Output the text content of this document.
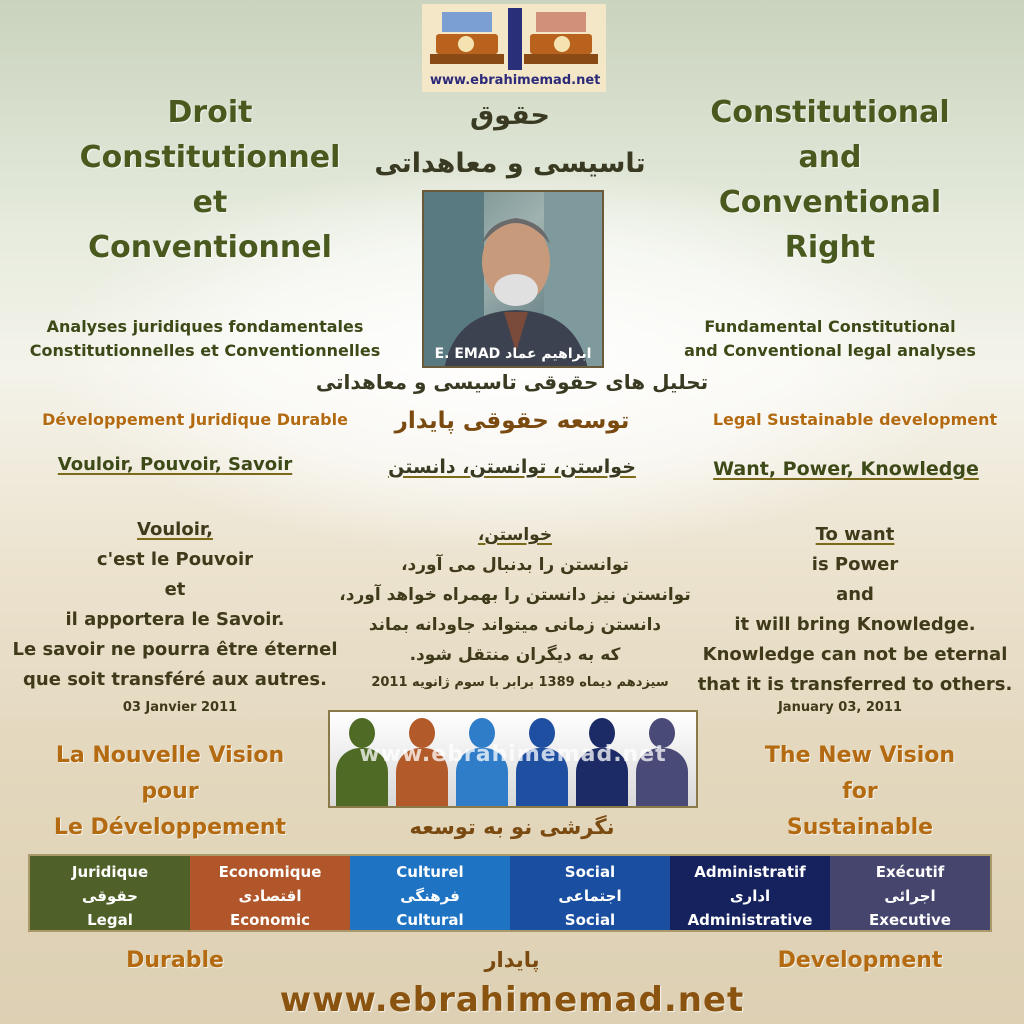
www.ebrahimemad.net
Droit
Constitutionnel
et
Conventionnel
Constitutional
and
Conventional
Right
حقوق
تاسیسی و معاهداتی
E. EMAD ابراهیم عماد
Analyses juridiques fondamentales
Constitutionnelles et Conventionnelles
Fundamental Constitutional
and Conventional legal analyses
تحلیل های حقوقی تاسیسی و معاهداتی
توسعه حقوقی پایدار
Développement Juridique Durable	Legal Sustainable development
Vouloir, Pouvoir, Savoir	خواستن، توانستن، دانستن	Want, Power, Knowledge
Vouloir,
c'est le Pouvoir
et
il apportera le Savoir.
Le savoir ne pourra être éternel
que soit transféré aux autres.
خواستن،
توانستن را بدنبال می آورد،
توانستن نیز دانستن را بهمراه خواهد آورد،
دانستن زمانی میتواند جاودانه بماند
که به دیگران منتقل شود.
To want
is Power
and
it will bring Knowledge.
Knowledge can not be eternal
that it is transferred to others.
03 Janvier 2011
سیزدهم دیماه 1389 برابر با سوم ژانویه 2011
January 03, 2011
www.ebrahimemad.net
La Nouvelle Vision
pour
Le Développement
The New Vision
for
Sustainable
نگرشی نو به توسعه
Juridique
حقوقی
Legal
Economique
اقتصادی
Economic
Culturel
فرهنگی
Cultural
Social
اجتماعی
Social
Administratif
اداری
Administrative
Exécutif
اجرائی
Executive
Durable	پایدار	Development
www.ebrahimemad.net
